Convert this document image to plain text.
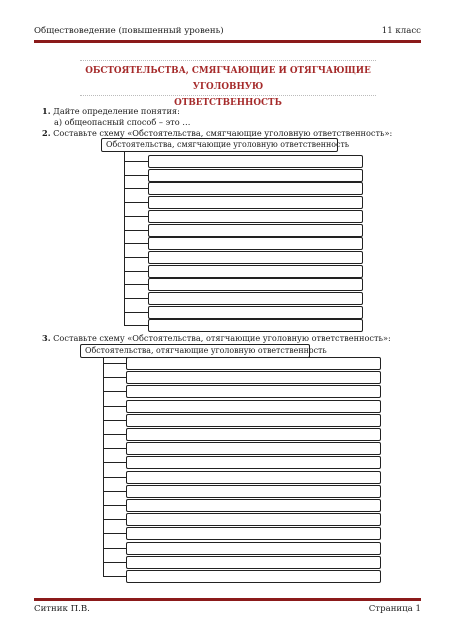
Обществоведение (повышенный уровень)	11 класс
ОБСТОЯТЕЛЬСТВА, СМЯГЧАЮЩИЕ И ОТЯГЧАЮЩИЕ УГОЛОВНУЮ
ОТВЕТСТВЕННОСТЬ
1. Дайте определение понятия:
а) общеопасный способ – это …
2. Составьте схему «Обстоятельства, смягчающие уголовную ответственность»:
Обстоятельства, смягчающие уголовную ответственность
3. Составьте схему «Обстоятельства, отягчающие уголовную ответственность»:
Обстоятельства, отягчающие уголовную ответственность
Ситник П.В.	Страница 1
